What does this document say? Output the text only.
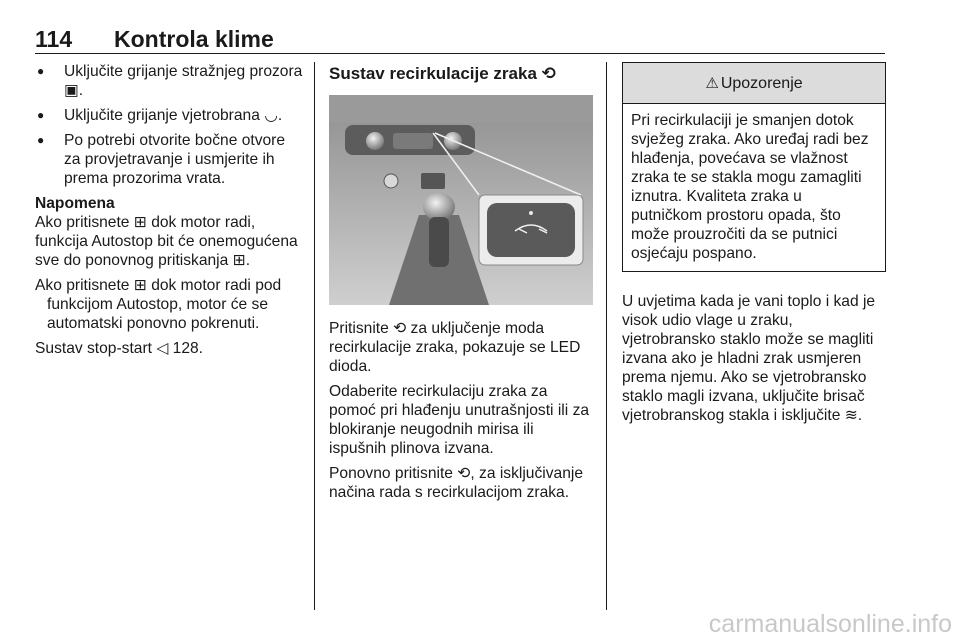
114 Kontrola klime
● Uključite grijanje stražnjeg prozora ▣.
● Uključite grijanje vjetrobrana ◡.
● Po potrebi otvorite bočne otvore za provjetravanje i usmjerite ih prema prozorima vrata.
Napomena

Ako pritisnete ⊞ dok motor radi, funkcija Autostop bit će onemogućena sve do ponovnog pritiskanja ⊞.

Ako pritisnete ⊞ dok motor radi pod funkcijom Autostop, motor će se automatski ponovno pokrenuti.

Sustav stop-start ◁ 128.

Sustav recirkulacije zraka ⟲

Pritisnite ⟲ za uključenje moda recirkulacije zraka, pokazuje se LED dioda.

Odaberite recirkulaciju zraka za pomoć pri hlađenju unutrašnjosti ili za blokiranje neugodnih mirisa ili ispušnih plinova izvana.

Ponovno pritisnite ⟲, za isključivanje načina rada s recirkulacijom zraka.

⚠ Upozorenje
Pri recirkulaciji je smanjen dotok svježeg zraka. Ako uređaj radi bez hlađenja, povećava se vlažnost zraka te se stakla mogu zamagliti iznutra. Kvaliteta zraka u putničkom prostoru opada, što može prouzročiti da se putnici osjećaju pospano.

U uvjetima kada je vani toplo i kad je visok udio vlage u zraku, vjetrobransko staklo može se magliti izvana ako je hladni zrak usmjeren prema njemu. Ako se vjetrobransko staklo magli izvana, uključite brisač vjetrobranskog stakla i isključite ≋.

carmanualsonline.info
